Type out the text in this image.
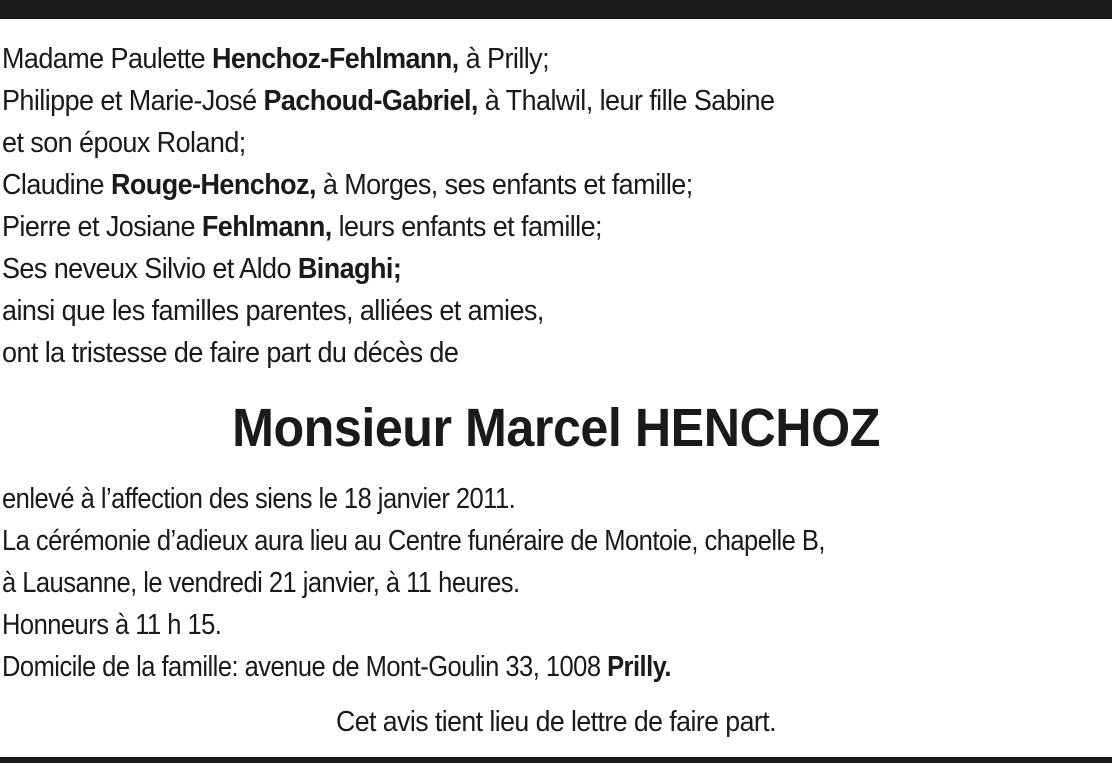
Madame Paulette Henchoz-Fehlmann, à Prilly;
Philippe et Marie-José Pachoud-Gabriel, à Thalwil, leur fille Sabine
et son époux Roland;
Claudine Rouge-Henchoz, à Morges, ses enfants et famille;
Pierre et Josiane Fehlmann, leurs enfants et famille;
Ses neveux Silvio et Aldo Binaghi;
ainsi que les familles parentes, alliées et amies,
ont la tristesse de faire part du décès de
Monsieur Marcel HENCHOZ
enlevé à l’affection des siens le 18 janvier 2011.
La cérémonie d’adieux aura lieu au Centre funéraire de Montoie, chapelle B,
à Lausanne, le vendredi 21 janvier, à 11 heures.
Honneurs à 11 h 15.
Domicile de la famille: avenue de Mont-Goulin 33, 1008 Prilly.
Cet avis tient lieu de lettre de faire part.
